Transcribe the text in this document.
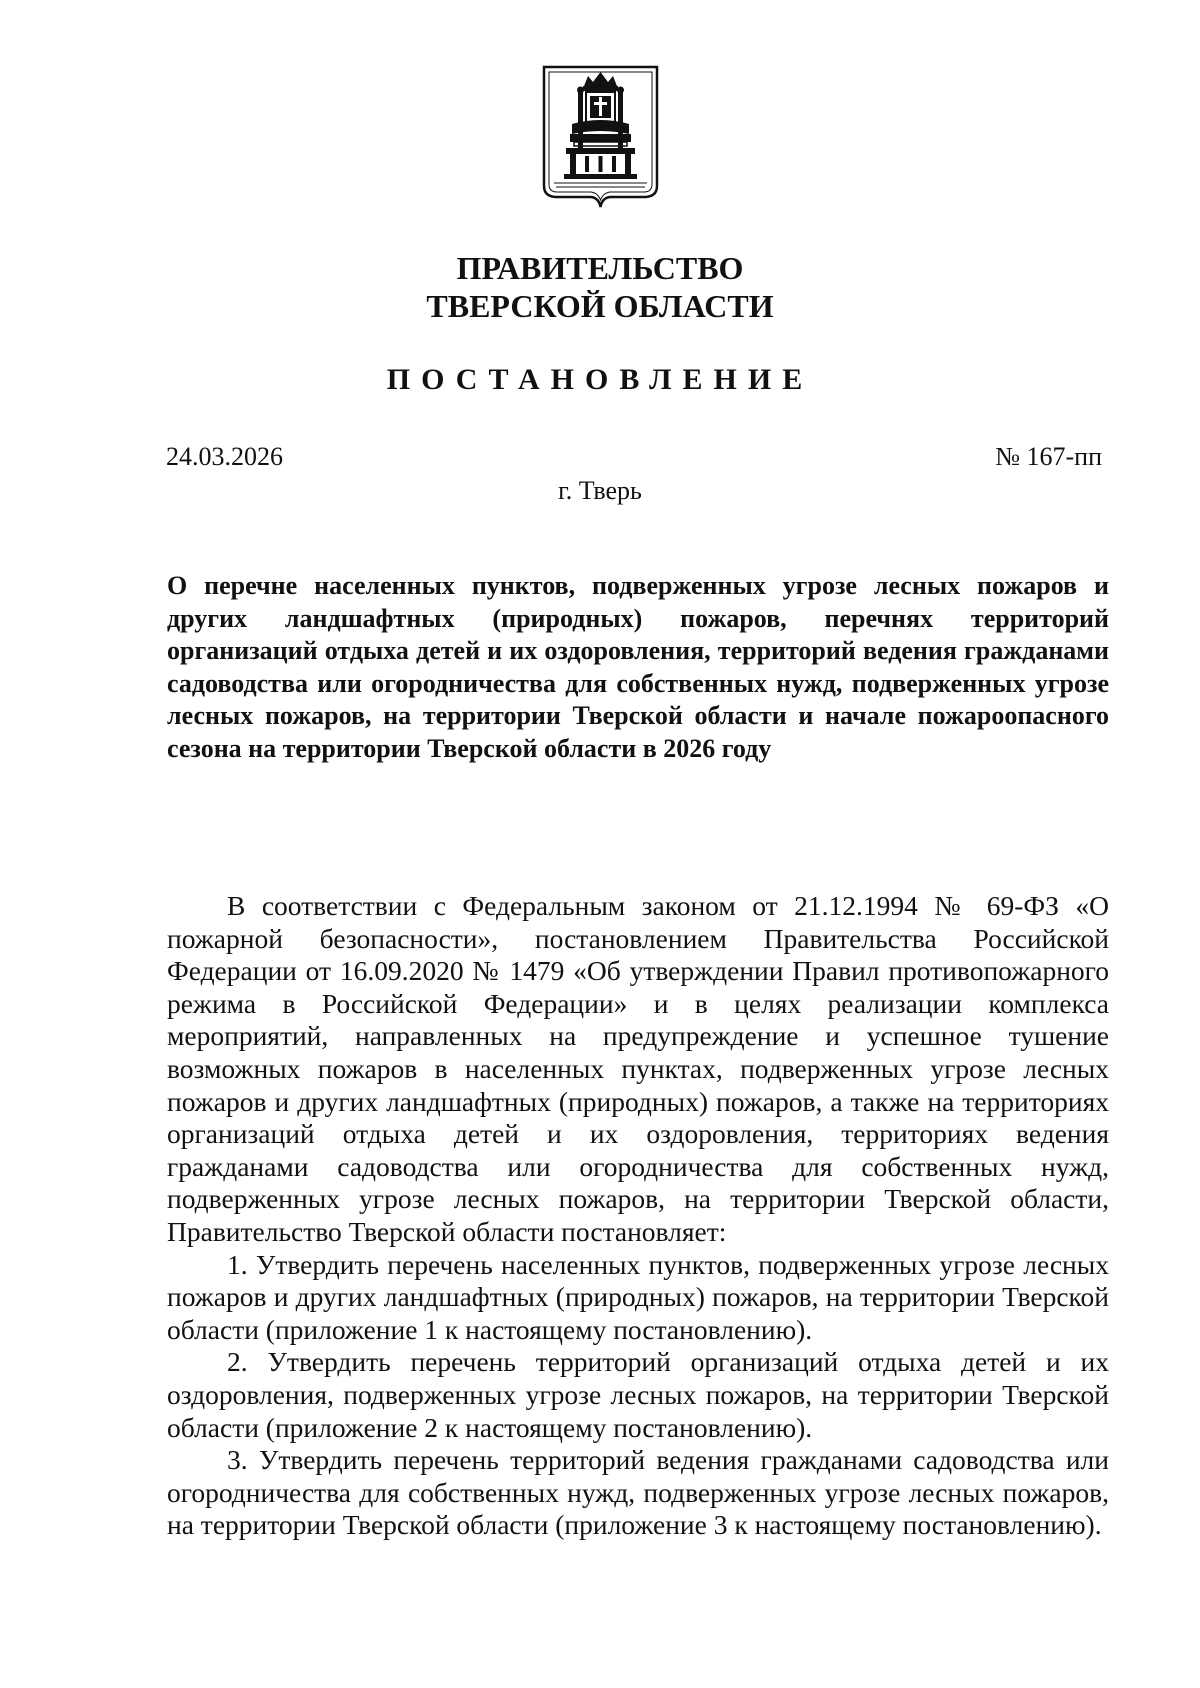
ПРАВИТЕЛЬСТВО
ТВЕРСКОЙ ОБЛАСТИ
ПОСТАНОВЛЕНИЕ
24.03.2026	№ 167-пп
г. Тверь

О перечне населенных пунктов, подверженных угрозе лесных пожаров и других ландшафтных (природных) пожаров, перечнях территорий организаций отдыха детей и их оздоровления, территорий ведения гражданами садоводства или огородничества для собственных нужд, подверженных угрозе лесных пожаров, на территории Тверской области и начале пожароопасного сезона на территории Тверской области в 2026 году

В соответствии с Федеральным законом от 21.12.1994 № 69-ФЗ «О пожарной безопасности», постановлением Правительства Российской Федерации от 16.09.2020 № 1479 «Об утверждении Правил противопожарного режима в Российской Федерации» и в целях реализации комплекса мероприятий, направленных на предупреждение и успешное тушение возможных пожаров в населенных пунктах, подверженных угрозе лесных пожаров и других ландшафтных (природных) пожаров, а также на территориях организаций отдыха детей и их оздоровления, территориях ведения гражданами садоводства или огородничества для собственных нужд, подверженных угрозе лесных пожаров, на территории Тверской области, Правительство Тверской области постановляет:

1. Утвердить перечень населенных пунктов, подверженных угрозе лесных пожаров и других ландшафтных (природных) пожаров, на территории Тверской области (приложение 1 к настоящему постановлению).

2. Утвердить перечень территорий организаций отдыха детей и их оздоровления, подверженных угрозе лесных пожаров, на территории Тверской области (приложение 2 к настоящему постановлению).

3. Утвердить перечень территорий ведения гражданами садоводства или огородничества для собственных нужд, подверженных угрозе лесных пожаров, на территории Тверской области (приложение 3 к настоящему постановлению).
